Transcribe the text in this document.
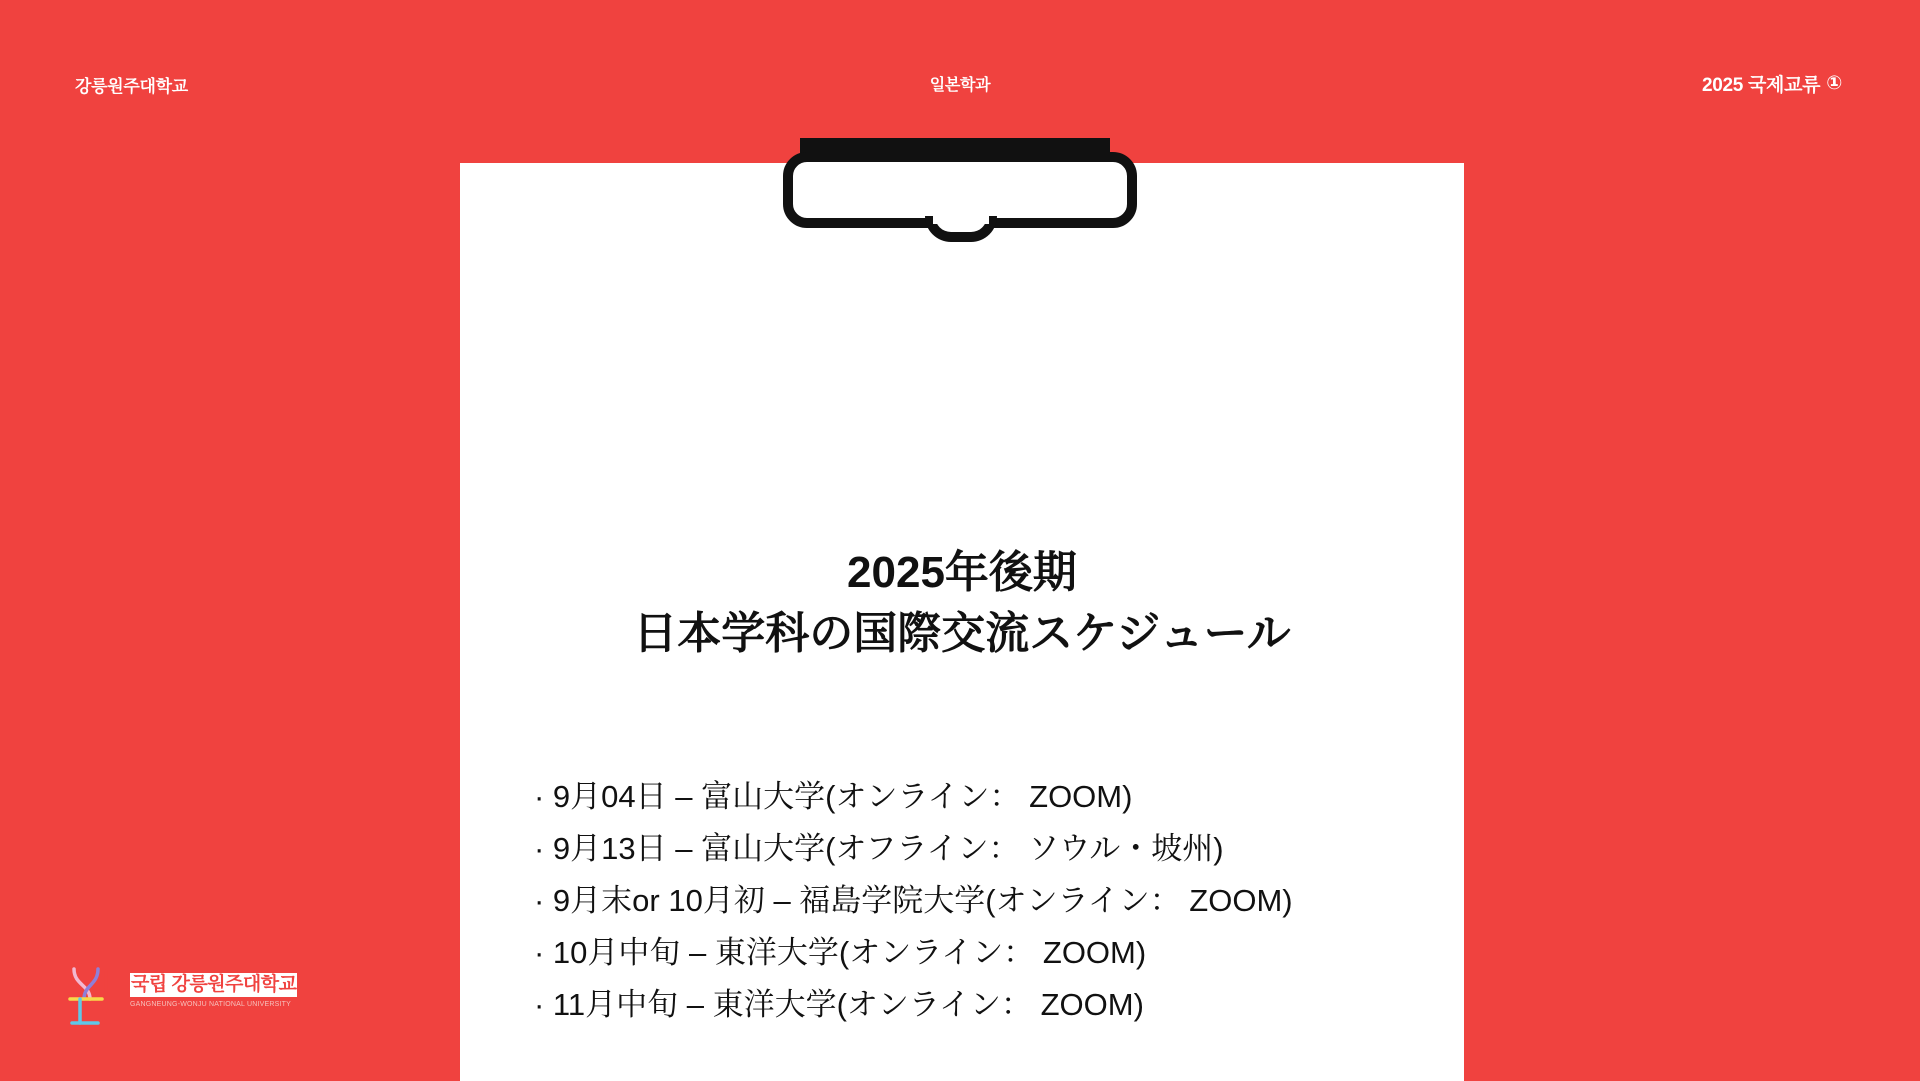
강릉원주대학교	일본학과	2025 국제교류 ①
2025年後期
日本学科の国際交流スケジュール
· 9月04日 – 富山大学(オンライン： ZOOM)
· 9月13日 – 富山大学(オフライン： ソウル・坡州)
· 9月末or 10月初 – 福島学院大学(オンライン： ZOOM)
· 10月中旬 – 東洋大学(オンライン： ZOOM)
· 11月中旬 – 東洋大学(オンライン： ZOOM)
국립 강릉원주대학교
GANGNEUNG-WONJU NATIONAL UNIVERSITY
